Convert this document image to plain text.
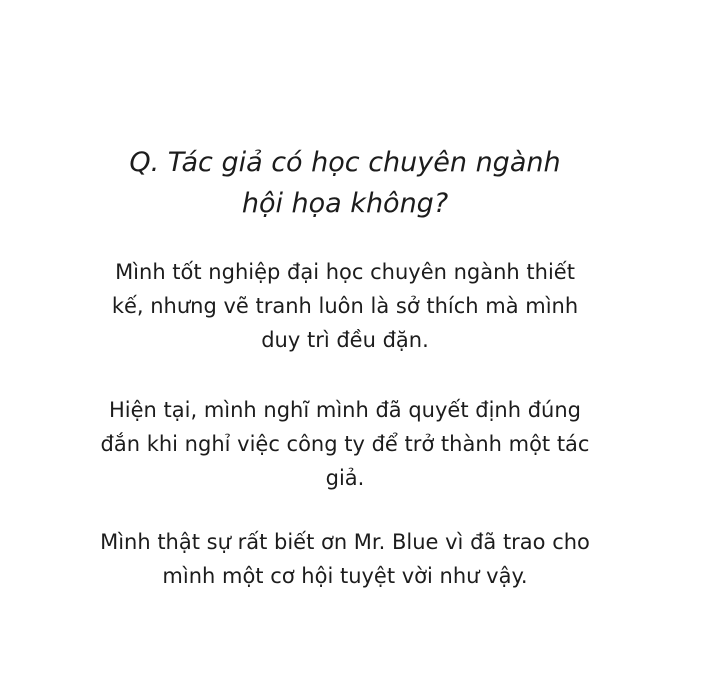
Q. Tác giả có học chuyên ngành
hội họa không?
Mình tốt nghiệp đại học chuyên ngành thiết
kế, nhưng vẽ tranh luôn là sở thích mà mình
duy trì đều đặn.
Hiện tại, mình nghĩ mình đã quyết định đúng
đắn khi nghỉ việc công ty để trở thành một tác
giả.
Mình thật sự rất biết ơn Mr. Blue vì đã trao cho
mình một cơ hội tuyệt vời như vậy.
